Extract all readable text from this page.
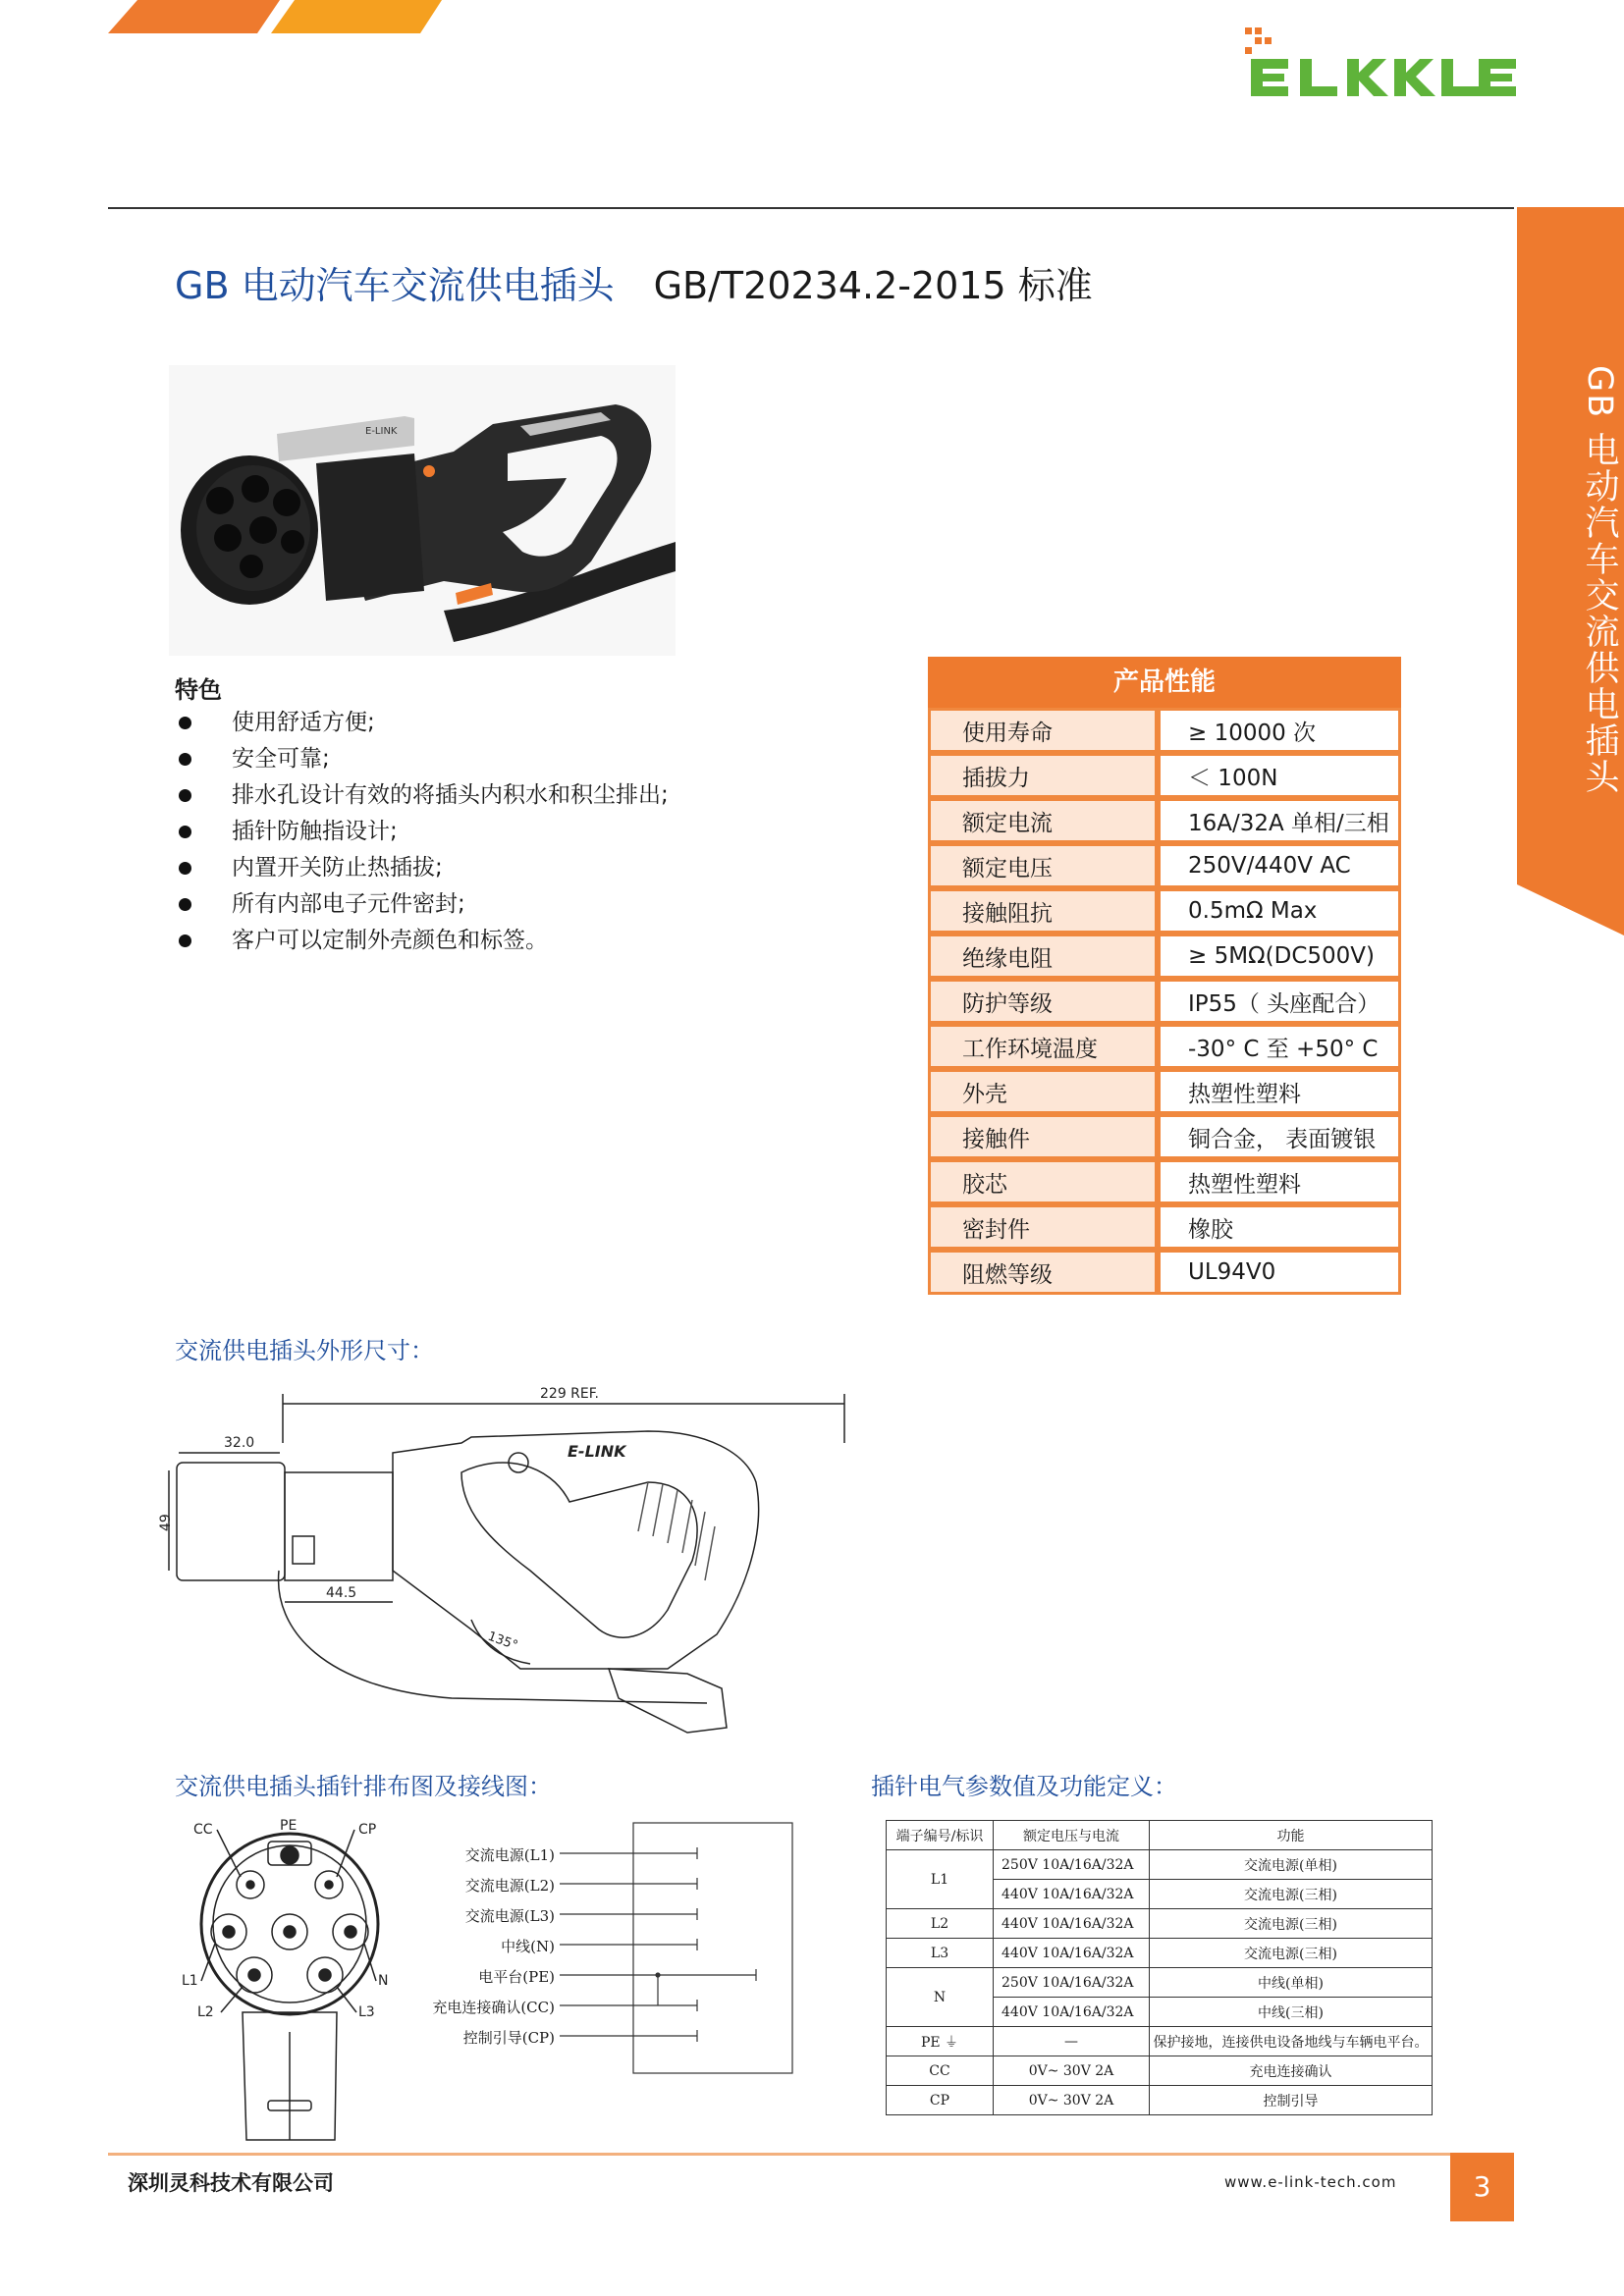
GB 电动汽车交流供电插头
GB 电动汽车交流供电插头 GB/T20234.2-2015 标准
E-LINK
特色
使用舒适方便;
安全可靠;
排水孔设计有效的将插头内积水和积尘排出;
插针防触指设计;
内置开关防止热插拔;
所有内部电子元件密封;
客户可以定制外壳颜色和标签。
产品性能
使用寿命	≥ 10000 次
插拔力	＜ 100N
额定电流	16A/32A 单相/三相
额定电压	250V/440V AC
接触阻抗	0.5mΩ Max
绝缘电阻	≥ 5MΩ(DC500V)
防护等级	IP55（ 头座配合）
工作环境温度	-30° C 至 +50° C
外壳	热塑性塑料
接触件	铜合金， 表面镀银
胶芯	热塑性塑料
密封件	橡胶
阻燃等级	UL94V0
交流供电插头外形尺寸：
229 REF.
32.0
49
E-LINK
44.5
135°
交流供电插头插针排布图及接线图：
CC	PE	CP
L1	N
L2	L3
交流电源(L1)
交流电源(L2)
交流电源(L3)
中线(N)
电平台(PE)
充电连接确认(CC)
控制引导(CP)
插针电气参数值及功能定义：
端子编号/标识	额定电压与电流	功能
L1	250V 10A/16A/32A	交流电源(单相)
	440V 10A/16A/32A	交流电源(三相)
L2	440V 10A/16A/32A	交流电源(三相)
L3	440V 10A/16A/32A	交流电源(三相)
N	250V 10A/16A/32A	中线(单相)
	440V 10A/16A/32A	中线(三相)
PE ⏚	—	保护接地，连接供电设备地线与车辆电平台。
CC	0V~ 30V 2A	充电连接确认
CP	0V~ 30V 2A	控制引导
深圳灵科技术有限公司	www.e-link-tech.com	3
